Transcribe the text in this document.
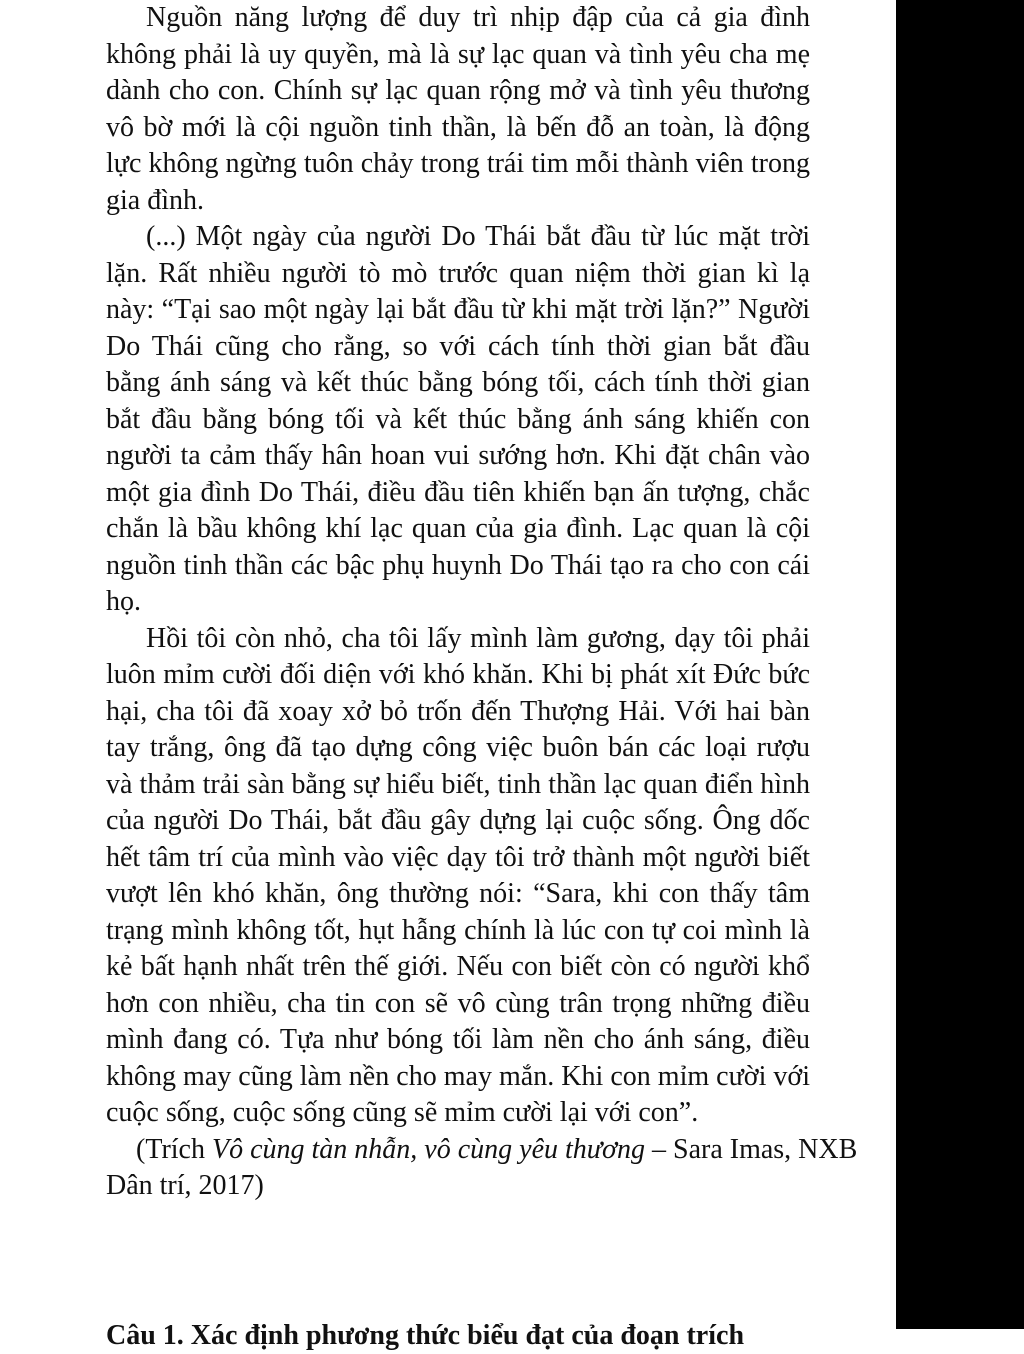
Nguồn năng lượng để duy trì nhịp đập của cả gia đình không phải là uy quyền, mà là sự lạc quan và tình yêu cha mẹ dành cho con. Chính sự lạc quan rộng mở và tình yêu thương vô bờ mới là cội nguồn tinh thần, là bến đỗ an toàn, là động lực không ngừng tuôn chảy trong trái tim mỗi thành viên trong gia đình.

(...) Một ngày của người Do Thái bắt đầu từ lúc mặt trời lặn. Rất nhiều người tò mò trước quan niệm thời gian kì lạ này: “Tại sao một ngày lại bắt đầu từ khi mặt trời lặn?” Người Do Thái cũng cho rằng, so với cách tính thời gian bắt đầu bằng ánh sáng và kết thúc bằng bóng tối, cách tính thời gian bắt đầu bằng bóng tối và kết thúc bằng ánh sáng khiến con người ta cảm thấy hân hoan vui sướng hơn. Khi đặt chân vào một gia đình Do Thái, điều đầu tiên khiến bạn ấn tượng, chắc chắn là bầu không khí lạc quan của gia đình. Lạc quan là cội nguồn tinh thần các bậc phụ huynh Do Thái tạo ra cho con cái họ.

Hồi tôi còn nhỏ, cha tôi lấy mình làm gương, dạy tôi phải luôn mỉm cười đối diện với khó khăn. Khi bị phát xít Đức bức hại, cha tôi đã xoay xở bỏ trốn đến Thượng Hải. Với hai bàn tay trắng, ông đã tạo dựng công việc buôn bán các loại rượu và thảm trải sàn bằng sự hiểu biết, tinh thần lạc quan điển hình của người Do Thái, bắt đầu gây dựng lại cuộc sống. Ông dốc hết tâm trí của mình vào việc dạy tôi trở thành một người biết vượt lên khó khăn, ông thường nói: “Sara, khi con thấy tâm trạng mình không tốt, hụt hẫng chính là lúc con tự coi mình là kẻ bất hạnh nhất trên thế giới. Nếu con biết còn có người khổ hơn con nhiều, cha tin con sẽ vô cùng trân trọng những điều mình đang có. Tựa như bóng tối làm nền cho ánh sáng, điều không may cũng làm nền cho may mắn. Khi con mỉm cười với cuộc sống, cuộc sống cũng sẽ mỉm cười lại với con”.

(Trích Vô cùng tàn nhẫn, vô cùng yêu thương – Sara Imas, NXB Dân trí, 2017)

Câu 1. Xác định phương thức biểu đạt của đoạn trích
